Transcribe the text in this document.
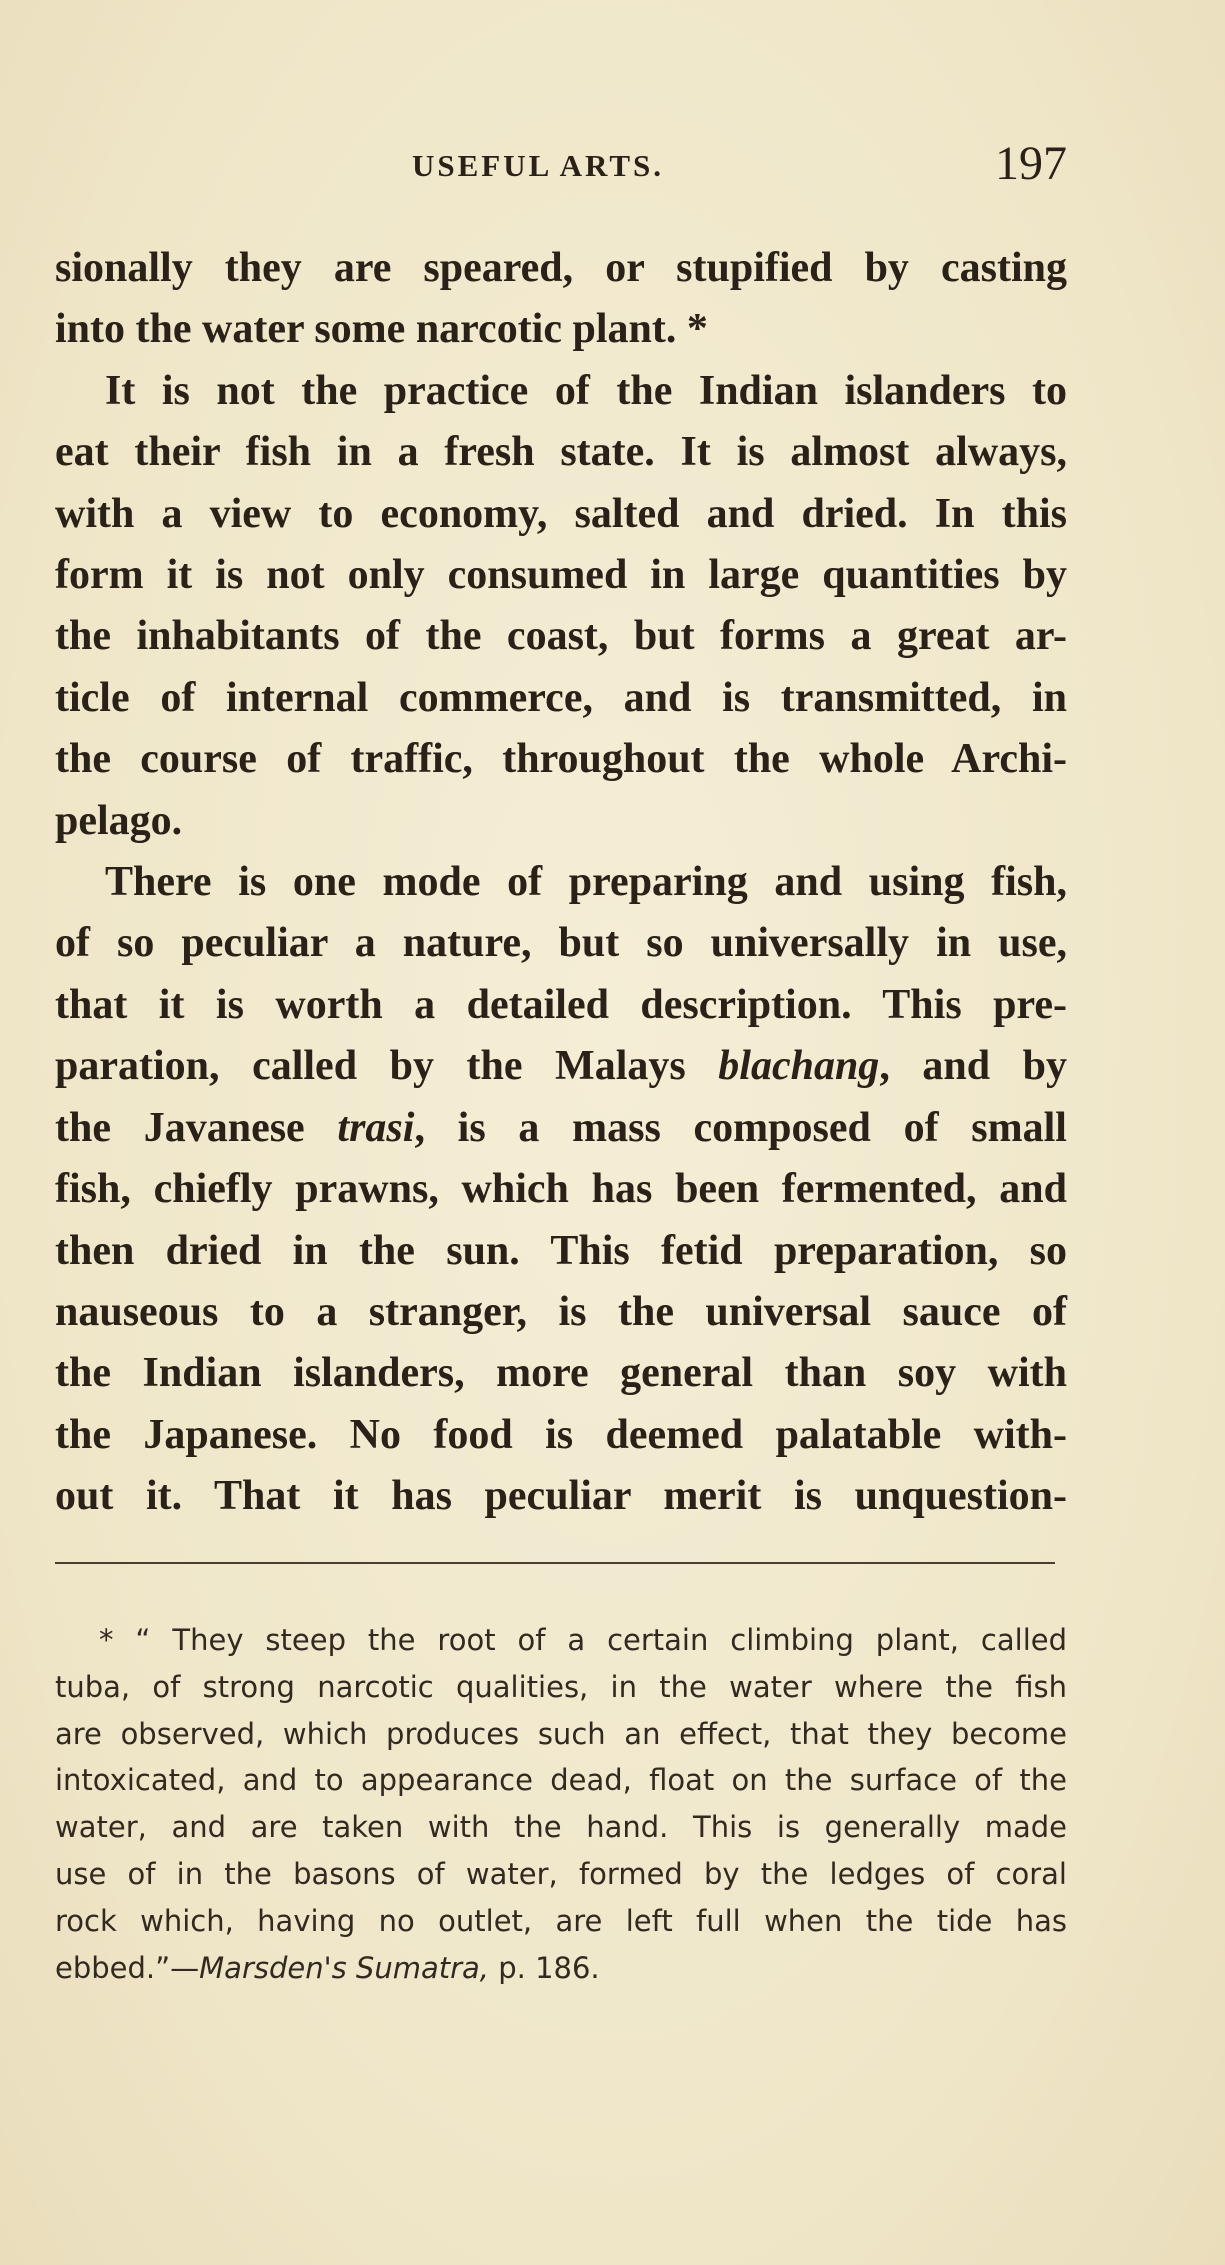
USEFUL ARTS.	197
sionally they are speared, or stupified by casting
into the water some narcotic plant. *
It is not the practice of the Indian islanders to
eat their fish in a fresh state. It is almost always,
with a view to economy, salted and dried. In this
form it is not only consumed in large quantities by
the inhabitants of the coast, but forms a great ar-
ticle of internal commerce, and is transmitted, in
the course of traffic, throughout the whole Archi-
pelago.
There is one mode of preparing and using fish,
of so peculiar a nature, but so universally in use,
that it is worth a detailed description. This pre-
paration, called by the Malays blachang, and by
the Javanese trasi, is a mass composed of small
fish, chiefly prawns, which has been fermented, and
then dried in the sun. This fetid preparation, so
nauseous to a stranger, is the universal sauce of
the Indian islanders, more general than soy with
the Japanese. No food is deemed palatable with-
out it. That it has peculiar merit is unquestion-
* “ They steep the root of a certain climbing plant, called
tuba, of strong narcotic qualities, in the water where the fish
are observed, which produces such an effect, that they become
intoxicated, and to appearance dead, float on the surface of the
water, and are taken with the hand. This is generally made
use of in the basons of water, formed by the ledges of coral
rock which, having no outlet, are left full when the tide has
ebbed.”—Marsden's Sumatra, p. 186.
